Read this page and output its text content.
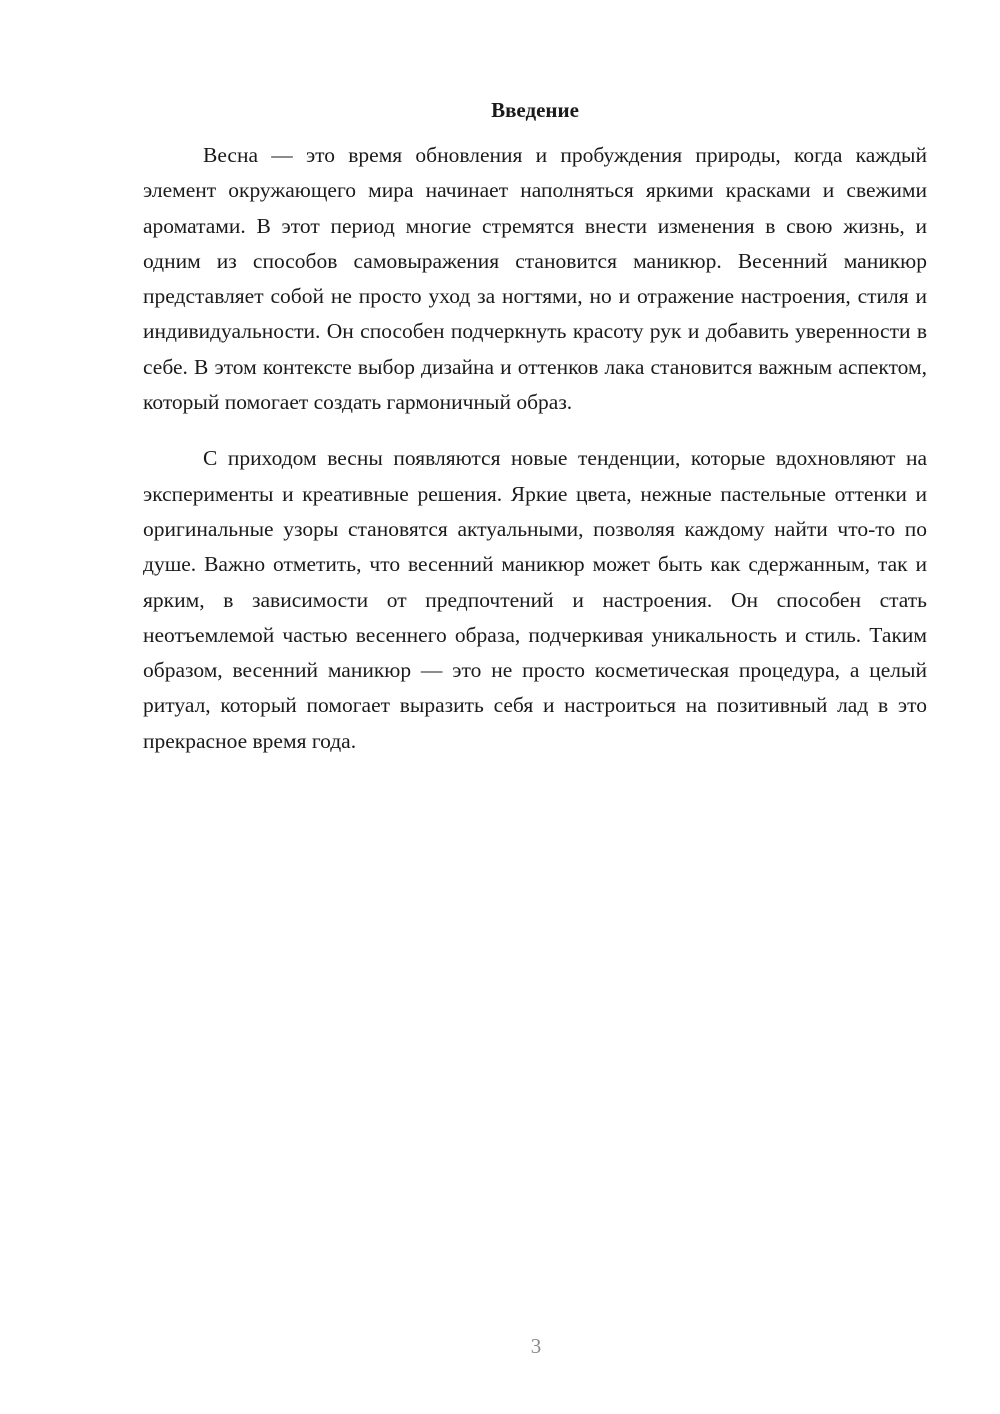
Введение

Весна — это время обновления и пробуждения природы, когда каждый элемент окружающего мира начинает наполняться яркими красками и свежими ароматами. В этот период многие стремятся внести изменения в свою жизнь, и одним из способов самовыражения становится маникюр. Весенний маникюр представляет собой не просто уход за ногтями, но и отражение настроения, стиля и индивидуальности. Он способен подчеркнуть красоту рук и добавить уверенности в себе. В этом контексте выбор дизайна и оттенков лака становится важным аспектом, который помогает создать гармоничный образ.

С приходом весны появляются новые тенденции, которые вдохновляют на эксперименты и креативные решения. Яркие цвета, нежные пастельные оттенки и оригинальные узоры становятся актуальными, позволяя каждому найти что-то по душе. Важно отметить, что весенний маникюр может быть как сдержанным, так и ярким, в зависимости от предпочтений и настроения. Он способен стать неотъемлемой частью весеннего образа, подчеркивая уникальность и стиль. Таким образом, весенний маникюр — это не просто косметическая процедура, а целый ритуал, который помогает выразить себя и настроиться на позитивный лад в это прекрасное время года.

3
